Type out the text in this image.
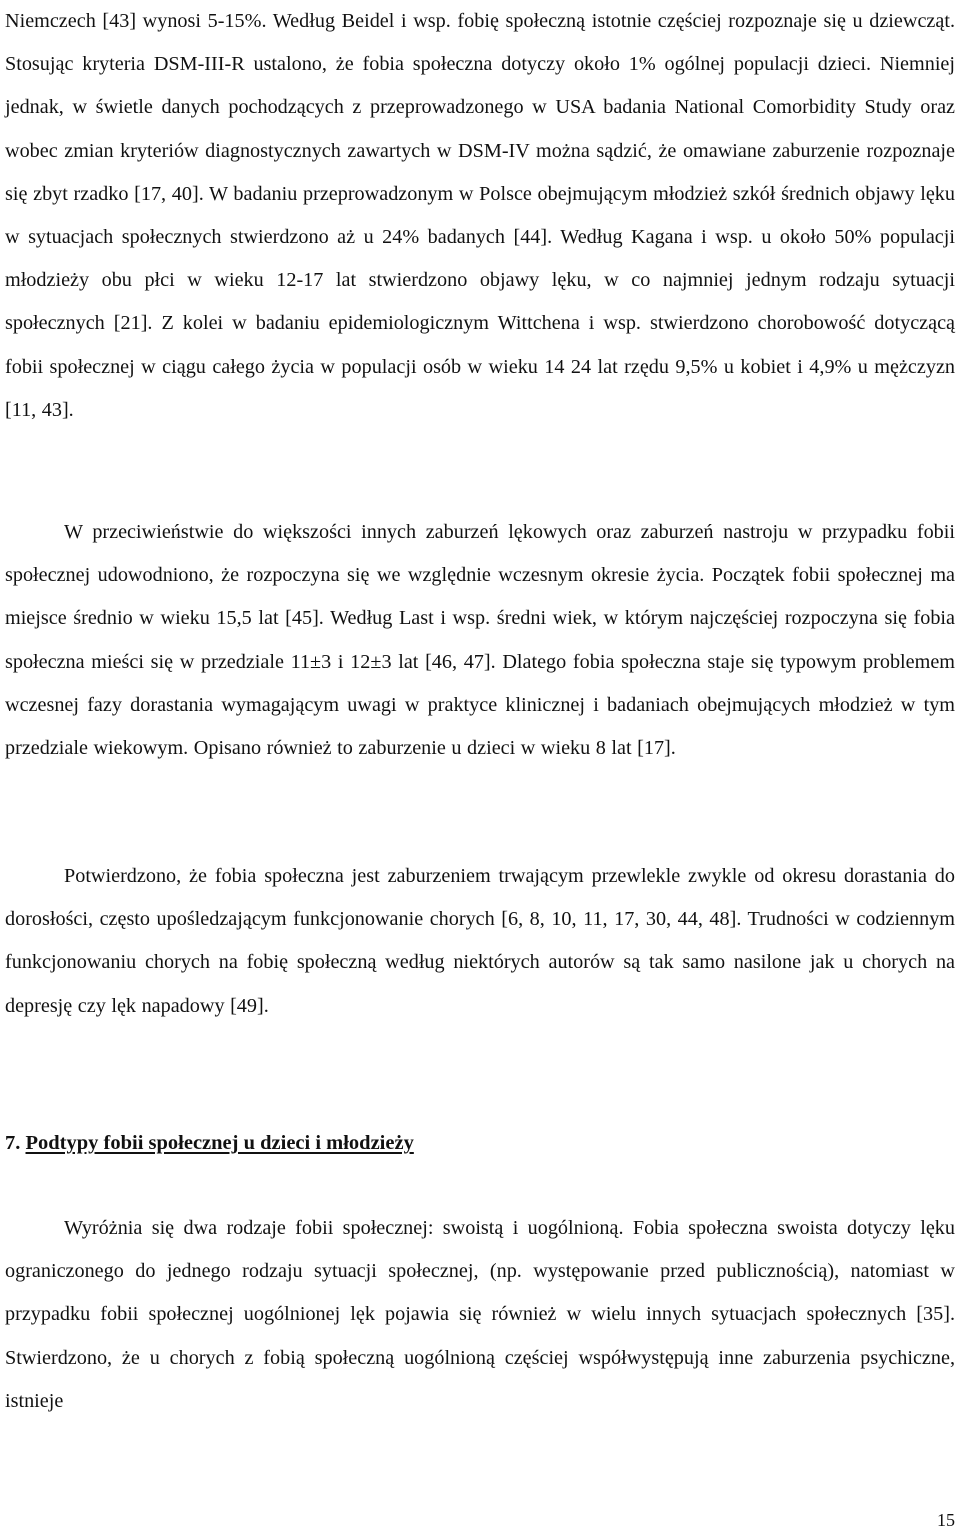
Niemczech [43] wynosi 5-15%. Według Beidel i wsp. fobię społeczną istotnie częściej rozpoznaje się u dziewcząt. Stosując kryteria DSM-III-R ustalono, że fobia społeczna dotyczy około 1% ogólnej populacji dzieci. Niemniej jednak, w świetle danych pochodzących z przeprowadzonego w USA badania National Comorbidity Study oraz wobec zmian kryteriów diagnostycznych zawartych w DSM-IV można sądzić, że omawiane zaburzenie rozpoznaje się zbyt rzadko [17, 40]. W badaniu przeprowadzonym w Polsce obejmującym młodzież szkół średnich objawy lęku w sytuacjach społecznych stwierdzono aż u 24% badanych [44]. Według Kagana i wsp. u około 50% populacji młodzieży obu płci w wieku 12-17 lat stwierdzono objawy lęku, w co najmniej jednym rodzaju sytuacji społecznych [21]. Z kolei w badaniu epidemiologicznym Wittchena i wsp. stwierdzono chorobowość dotyczącą fobii społecznej w ciągu całego życia w populacji osób w wieku 14 24 lat rzędu 9,5% u kobiet i 4,9% u mężczyzn [11, 43].

W przeciwieństwie do większości innych zaburzeń lękowych oraz zaburzeń nastroju w przypadku fobii społecznej udowodniono, że rozpoczyna się we względnie wczesnym okresie życia. Początek fobii społecznej ma miejsce średnio w wieku 15,5 lat [45]. Według Last i wsp. średni wiek, w którym najczęściej rozpoczyna się fobia społeczna mieści się w przedziale 11±3 i 12±3 lat [46, 47]. Dlatego fobia społeczna staje się typowym problemem wczesnej fazy dorastania wymagającym uwagi w praktyce klinicznej i badaniach obejmujących młodzież w tym przedziale wiekowym. Opisano również to zaburzenie u dzieci w wieku 8 lat [17].

Potwierdzono, że fobia społeczna jest zaburzeniem trwającym przewlekle zwykle od okresu dorastania do dorosłości, często upośledzającym funkcjonowanie chorych [6, 8, 10, 11, 17, 30, 44, 48]. Trudności w codziennym funkcjonowaniu chorych na fobię społeczną według niektórych autorów są tak samo nasilone jak u chorych na depresję czy lęk napadowy [49].

7. Podtypy fobii społecznej u dzieci i młodzieży

Wyróżnia się dwa rodzaje fobii społecznej: swoistą i uogólnioną. Fobia społeczna swoista dotyczy lęku ograniczonego do jednego rodzaju sytuacji społecznej, (np. występowanie przed publicznością), natomiast w przypadku fobii społecznej uogólnionej lęk pojawia się również w wielu innych sytuacjach społecznych [35]. Stwierdzono, że u chorych z fobią społeczną uogólnioną częściej współwystępują inne zaburzenia psychiczne, istnieje

15
